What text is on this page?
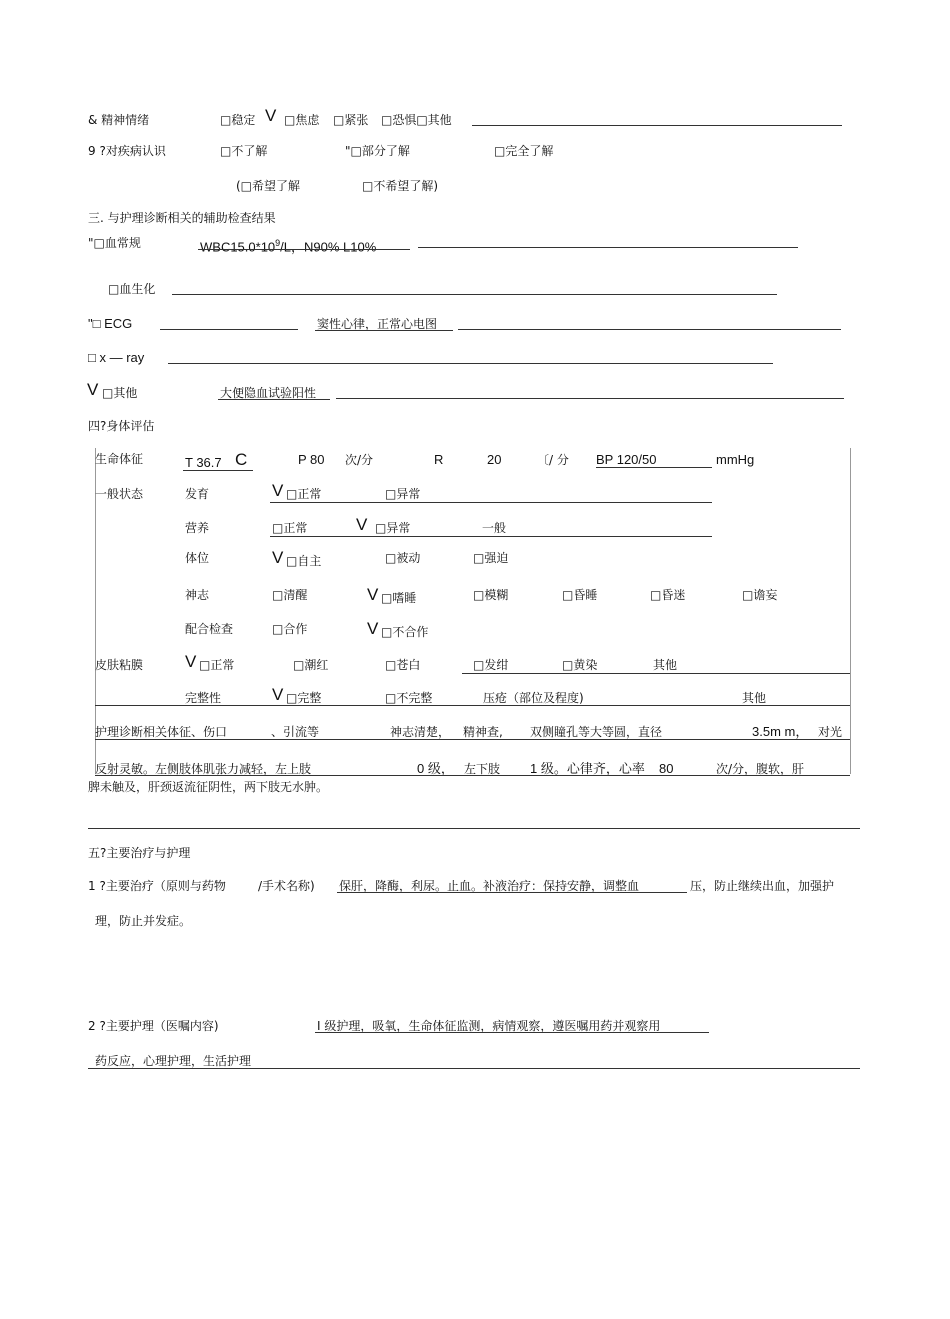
& 精神情绪	□稳定 V □焦虑 □紧张 □恐惧□其他
9 ?对疾病认识	□不了解	"□部分了解	□完全了解
(□希望了解	□不希望了解)
三. 与护理诊断相关的辅助检查结果
"□血常规	$WBC15.0*10^9/L$，N90% L10%
□血生化
"□ ECG	窦性心律，正常心电图
□ x — ray
V □其他	大便隐血试验阳性
四?身体评估
生命体征	T 36.7 C	P 80 次/分	R	20	〔/ 分 BP 120/50	mmHg
一般状态	发育	V □正常	□异常
营养	□正常	V □异常	一般
体位	V □自主	□被动	□强迫
神志	□清醒	V □嗜睡	□模糊	□昏睡	□昏迷	□谵妄
配合检查	□合作	V □不合作
皮肤粘膜 V □正常	□潮红	□苍白	□发绀	□黄染	其他
完整性	V □完整	□不完整	压疮（部位及程度)	其他
护理诊断相关体征、伤口	、引流等	神志清楚， 精神查, 双侧瞳孔等大等圆，直径	3.5m m， 对光
反射灵敏。左侧肢体肌张力减轻，左上肢	0 级， 左下肢 1 级。心律齐，心率 80	次/分，腹软，肝
脾未触及，肝颈返流征阴性，两下肢无水肿。
五?主要治疗与护理
1 ?主要治疗（原则与药物	/手术名称) 保肝，降酶，利尿。止血。补液治疗：保持安静，调整血	压，防止继续出血，加强护
理，防止并发症。
2 ?主要护理（医嘱内容)	I 级护理，吸氧，生命体征监测，病情观察，遵医嘱用药并观察用
药反应，心理护理，生活护理
